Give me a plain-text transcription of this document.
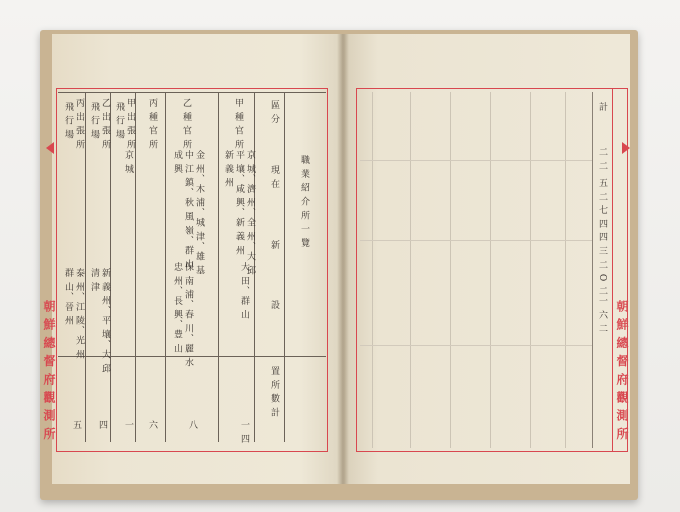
職 業 紹 介 所 一 覽
區 分
現 在
新
設
置 所 數 計
甲 種 官 所
京 城、濟 州、全 州、大 邱
平 壤、咸 興、新 義 州
新 義 州
大 田、群 山
一 四
乙 種 官 所
金 州、木 浦、城 津、雄 基
中 江 鎮、秋 風 嶺、群 山
成 興
保 南 浦、春 川、麗 水
忠 州、長 興、豊 山
八
丙 種 官 所
六
甲 出 張 所
飛 行 場
京 城
一
乙 出 張 所
飛 行 場
新 義 州、平 壤、大 邱
清 津
四
丙 出 張 所
飛 行 場
泰 州、江 陵、光 州
群 山、晉 州
五
朝 鮮 總 督 府 觀 測 所
計
二 二
五 二
七 四
四 三
二 O 二
一 六 二 朝 鮮 總 督 府 觀 測 所
